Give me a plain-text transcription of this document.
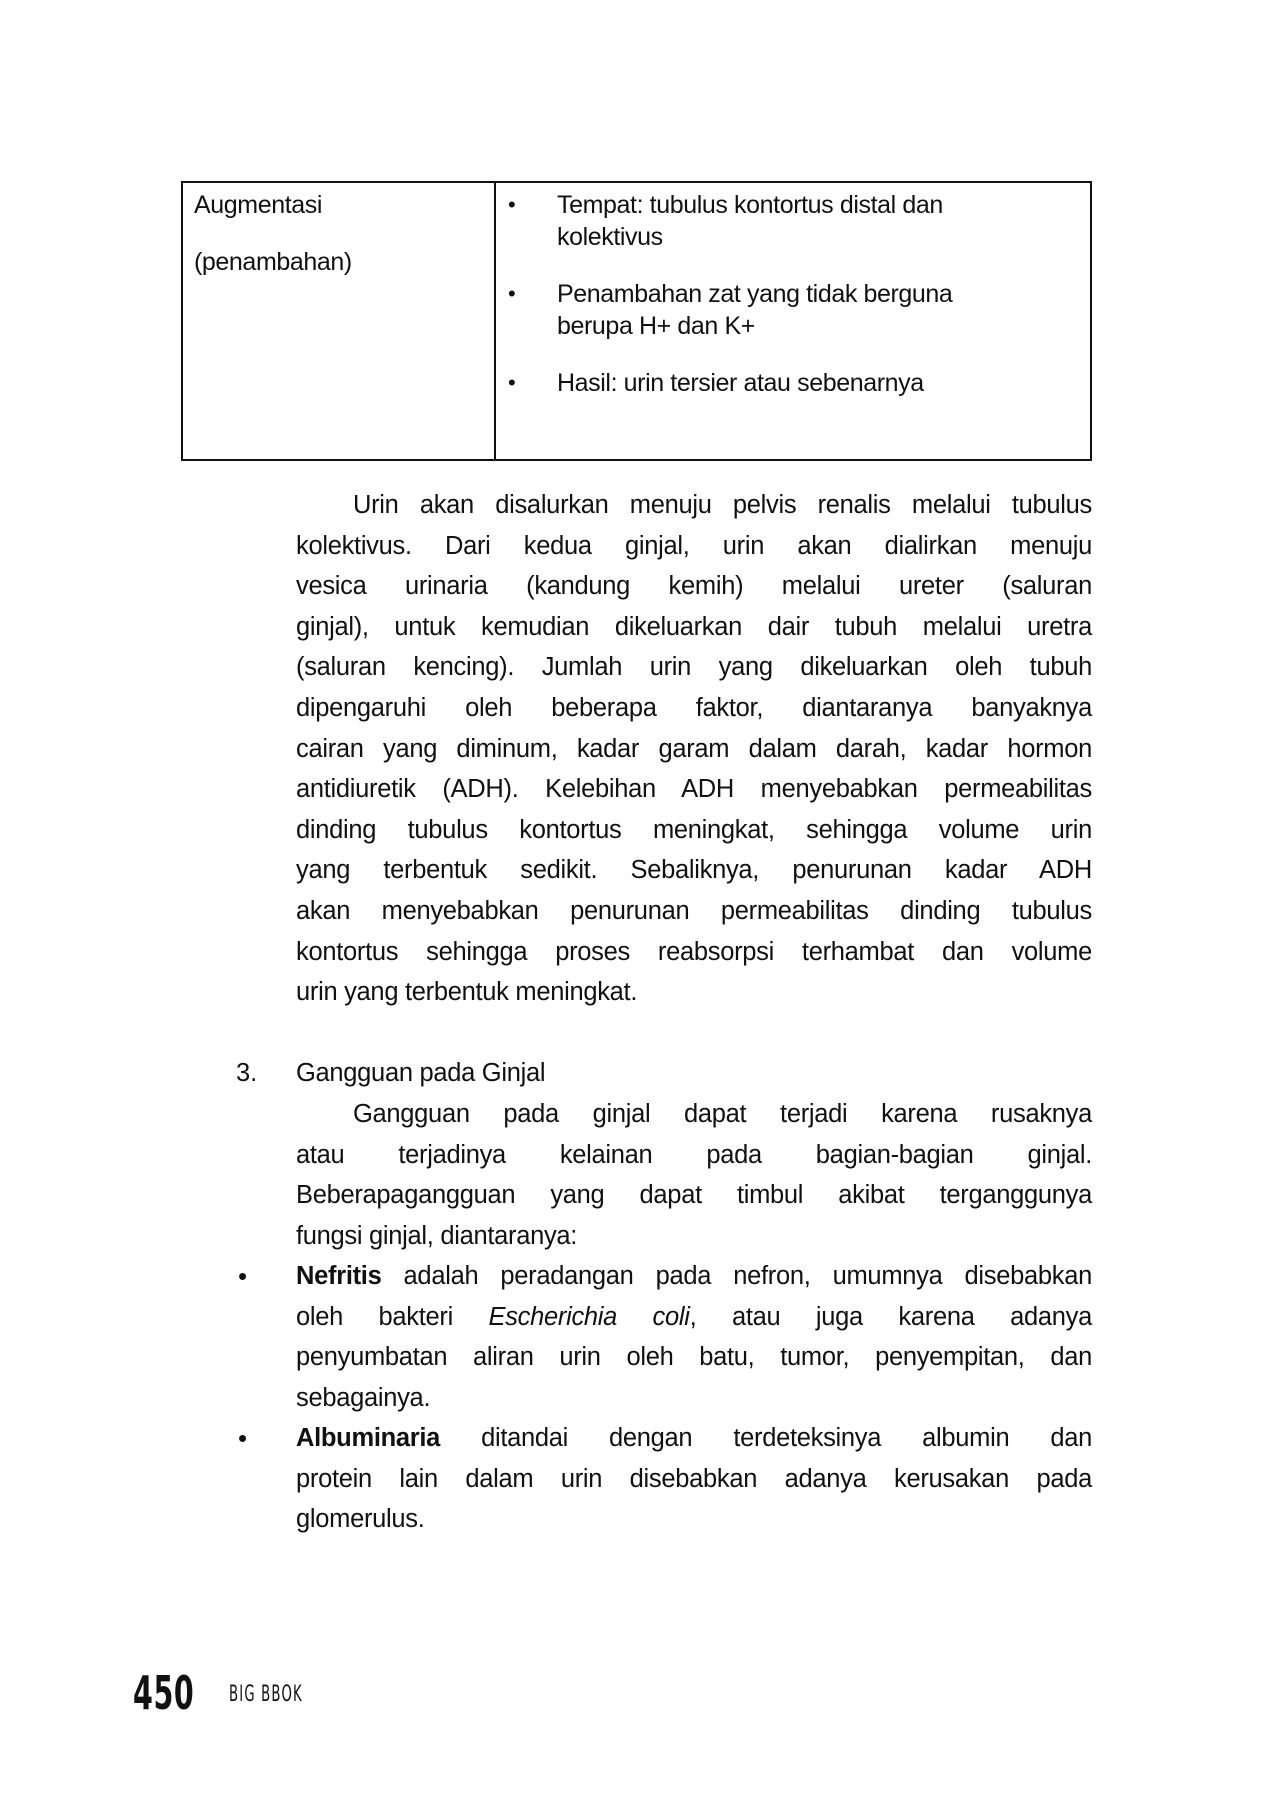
Augmentasi
(penambahan)
• Tempat: tubulus kontortus distal dan
kolektivus
• Penambahan zat yang tidak berguna
berupa H+ dan K+
• Hasil: urin tersier atau sebenarnya
Urin akan disalurkan menuju pelvis renalis melalui tubulus
kolektivus. Dari kedua ginjal, urin akan dialirkan menuju
vesica urinaria (kandung kemih) melalui ureter (saluran
ginjal), untuk kemudian dikeluarkan dair tubuh melalui uretra
(saluran kencing). Jumlah urin yang dikeluarkan oleh tubuh
dipengaruhi oleh beberapa faktor, diantaranya banyaknya
cairan yang diminum, kadar garam dalam darah, kadar hormon
antidiuretik (ADH). Kelebihan ADH menyebabkan permeabilitas
dinding tubulus kontortus meningkat, sehingga volume urin
yang terbentuk sedikit. Sebaliknya, penurunan kadar ADH
akan menyebabkan penurunan permeabilitas dinding tubulus
kontortus sehingga proses reabsorpsi terhambat dan volume
urin yang terbentuk meningkat.
3. Gangguan pada Ginjal
Gangguan pada ginjal dapat terjadi karena rusaknya
atau terjadinya kelainan pada bagian-bagian ginjal.
Beberapagangguan yang dapat timbul akibat terganggunya
fungsi ginjal, diantaranya:
• Nefritis adalah peradangan pada nefron, umumnya disebabkan
oleh bakteri Escherichia coli, atau juga karena adanya
penyumbatan aliran urin oleh batu, tumor, penyempitan, dan
sebagainya.
• Albuminaria ditandai dengan terdeteksinya albumin dan
protein lain dalam urin disebabkan adanya kerusakan pada
glomerulus.
450 BIG BBOK
